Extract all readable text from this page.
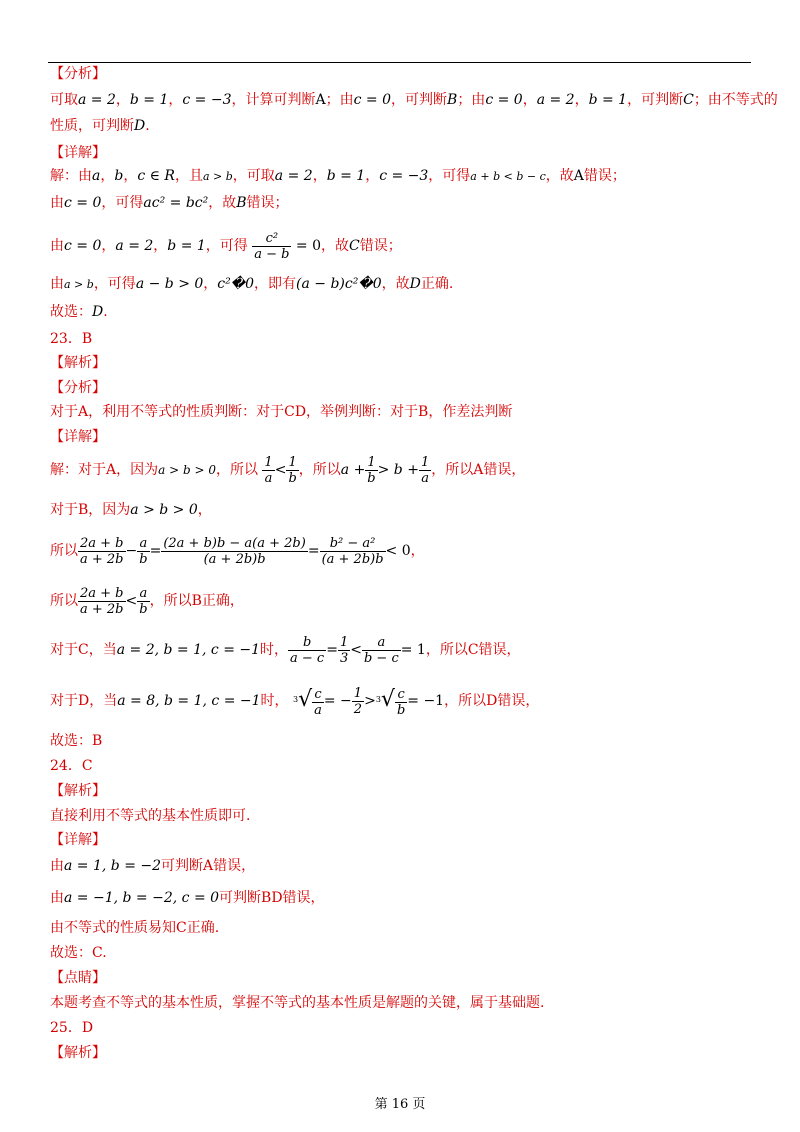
【分析】
可取a = 2，b = 1，c = −3，计算可判断A；由c = 0，可判断B；由c = 0，a = 2，b = 1，可判断C；由不等式的
性质，可判断D.
【详解】
解：由a，b，c ∈ R，且a > b，可取a = 2，b = 1，c = −3，可得a + b < b − c，故A错误；
由c = 0，可得ac² = bc²，故B错误；
由c = 0，a = 2，b = 1，可得 $\frac{\text{c²}}{a - b} = 0$，故C错误；
由a > b，可得a − b > 0，c²�0，即有(a − b)c²�0，故D正确.
故选：D.
23．B
【解析】
【分析】
对于A，利用不等式的性质判断：对于CD，举例判断：对于B，作差法判断
【详解】
解：对于A，因为a > b > 0，所以 $\frac{1}{a} < \frac{1}{b}$ ，所以$a + \frac{1}{b} > b + \frac{1}{a}$ ，所以A错误，
对于B，因为a > b > 0，
所以 $\frac{2a + b}{a + 2b} - \frac{a}{b} = \frac{(2a + b)b - a(a + 2b)}{(a + 2b)b} = \frac{\text{b² − a²}}{(a + 2b)b} < 0$，
所以 $\frac{2a + b}{a + 2b} < \frac{a}{b}$ ，所以B正确，
对于C，当a = 2, b = 1, c = −1时， $\frac{b}{a - c} = \frac{1}{3} < \frac{a}{b - c} = 1$，所以C错误，
对于D，当a = 8, b = 1, c = −1时， $^3√ \frac{c}{a}$ = − $\frac{1}{2} >^3√ \frac{c}{b} = -1$，所以D错误，
故选：B
24．C
【解析】
直接利用不等式的基本性质即可.
【详解】
由a = 1, b = −2可判断A错误，
由a = −1, b = −2, c = 0可判断BD错误，
由不等式的性质易知C正确.
故选：C.
【点睛】
本题考查不等式的基本性质，掌握不等式的基本性质是解题的关键，属于基础题.
25．D
【解析】
第 16 页
